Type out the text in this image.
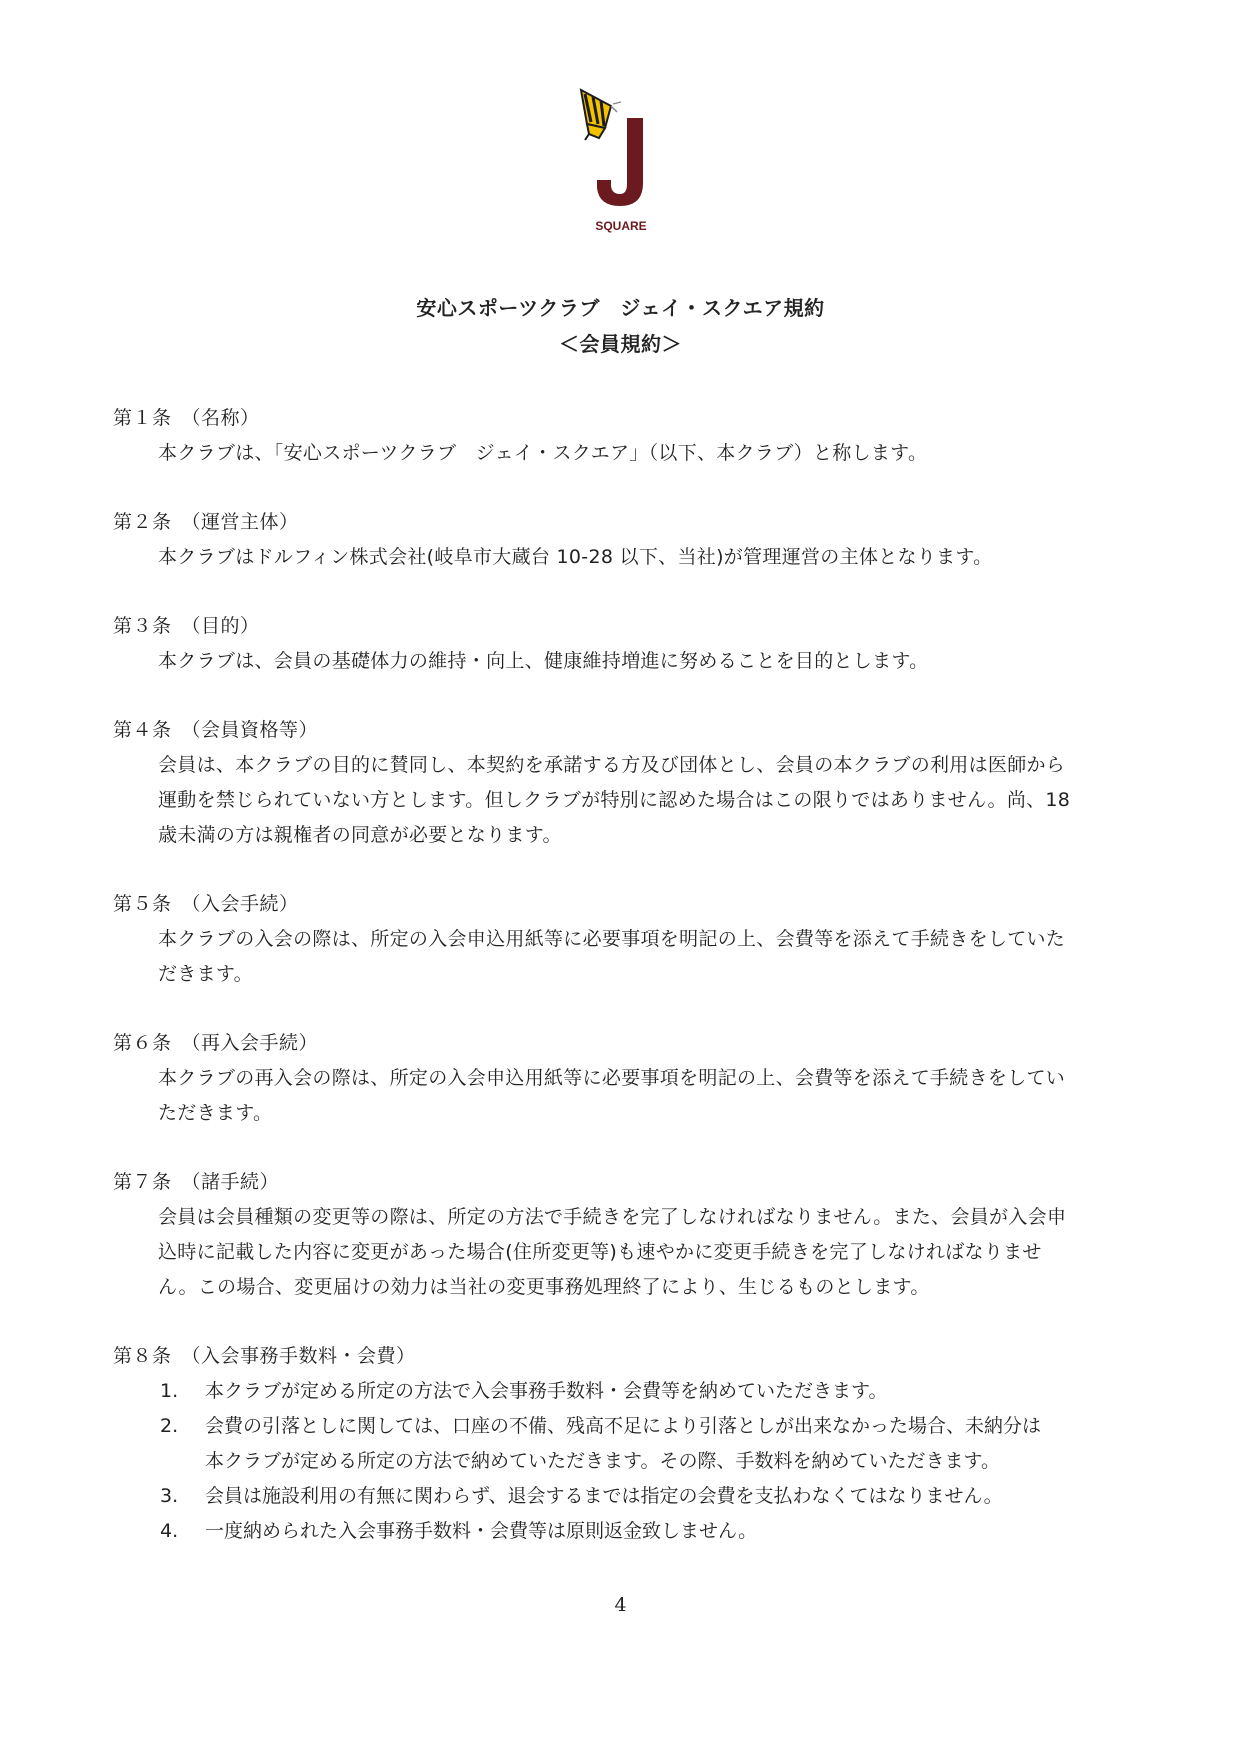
SQUARE
安心スポーツクラブ　ジェイ・スクエア規約
＜会員規約＞
第１条　（名称）
本クラブは、「安心スポーツクラブ　ジェイ・スクエア」（以下、本クラブ）と称します。
第２条　（運営主体）
本クラブはドルフィン株式会社(岐阜市大蔵台 10-28 以下、当社)が管理運営の主体となります。
第３条　（目的）
本クラブは、会員の基礎体力の維持・向上、健康維持増進に努めることを目的とします。
第４条　（会員資格等）
会員は、本クラブの目的に賛同し、本契約を承諾する方及び団体とし、会員の本クラブの利用は医師から
運動を禁じられていない方とします。但しクラブが特別に認めた場合はこの限りではありません。尚、18
歳未満の方は親権者の同意が必要となります。
第５条　（入会手続）
本クラブの入会の際は、所定の入会申込用紙等に必要事項を明記の上、会費等を添えて手続きをしていた
だきます。
第６条　（再入会手続）
本クラブの再入会の際は、所定の入会申込用紙等に必要事項を明記の上、会費等を添えて手続きをしてい
ただきます。
第７条　（諸手続）
会員は会員種類の変更等の際は、所定の方法で手続きを完了しなければなりません。また、会員が入会申
込時に記載した内容に変更があった場合(住所変更等)も速やかに変更手続きを完了しなければなりませ
ん。この場合、変更届けの効力は当社の変更事務処理終了により、生じるものとします。
第８条　（入会事務手数料・会費）
1. 本クラブが定める所定の方法で入会事務手数料・会費等を納めていただきます。
2. 会費の引落としに関しては、口座の不備、残高不足により引落としが出来なかった場合、未納分は
本クラブが定める所定の方法で納めていただきます。その際、手数料を納めていただきます。
3. 会員は施設利用の有無に関わらず、退会するまでは指定の会費を支払わなくてはなりません。
4. 一度納められた入会事務手数料・会費等は原則返金致しません。
4
